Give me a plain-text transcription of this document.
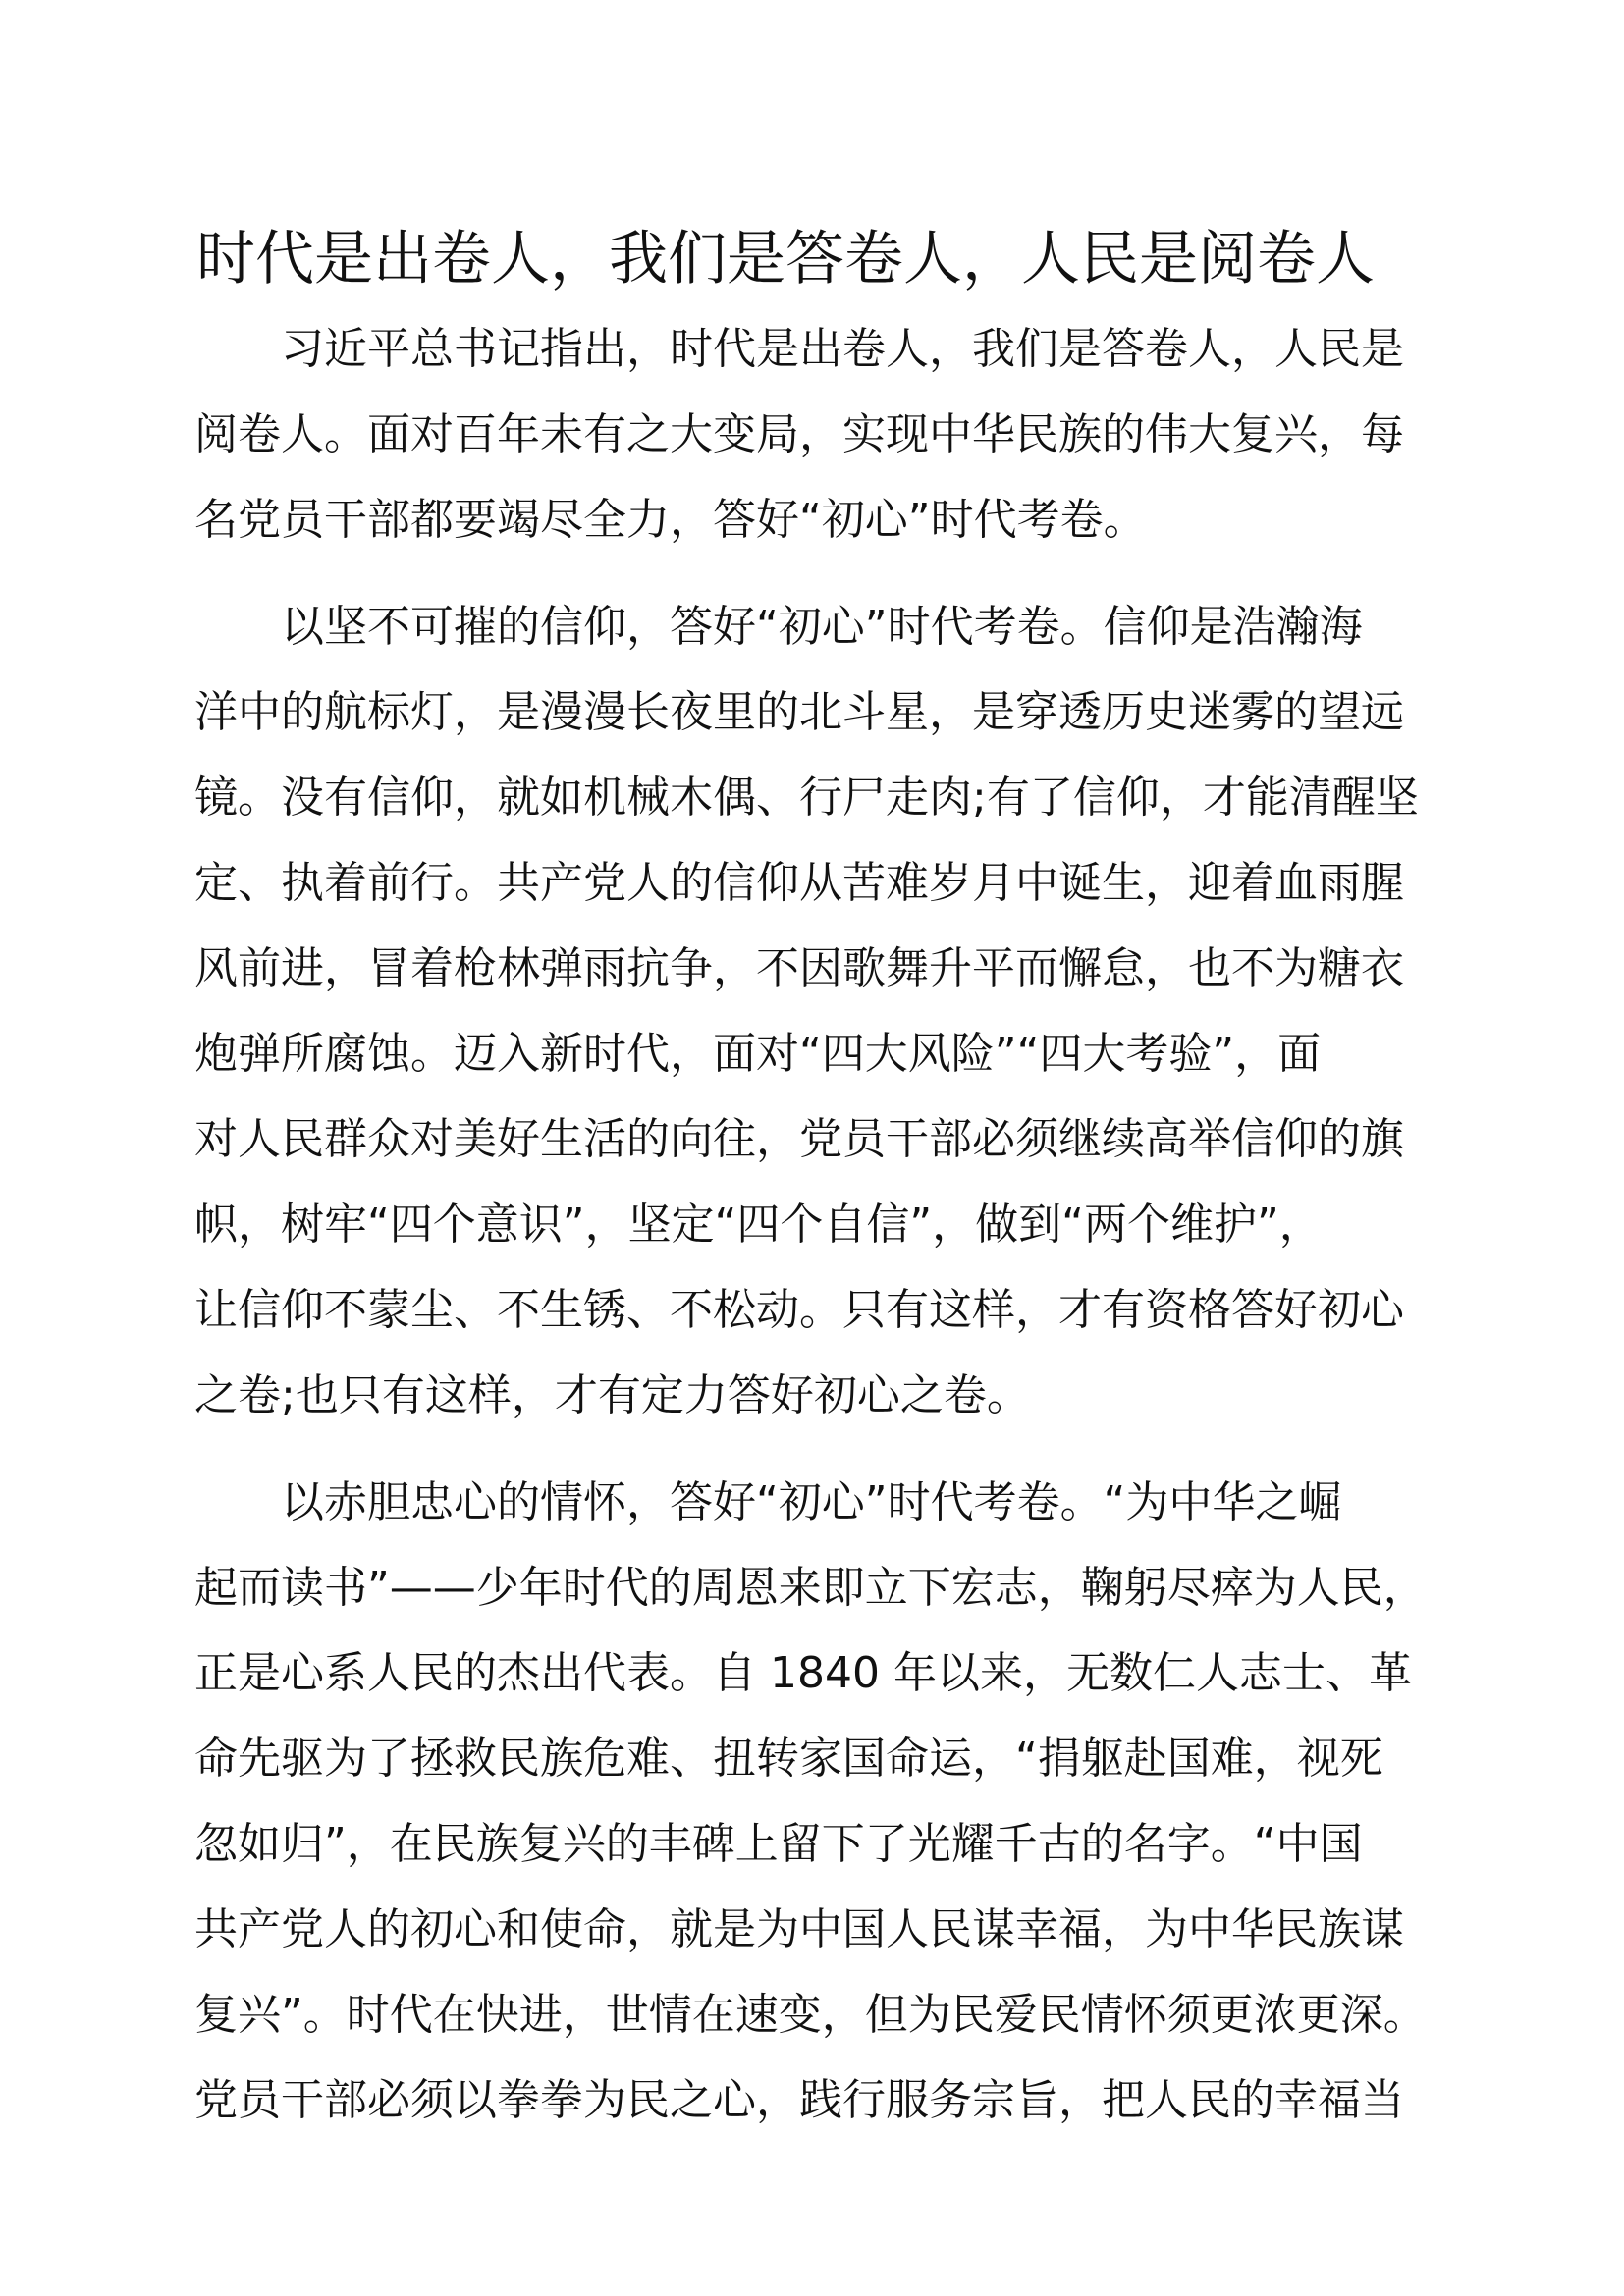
时代是出卷人，我们是答卷人，人民是阅卷人

习近平总书记指出，时代是出卷人，我们是答卷人，人民是
阅卷人。面对百年未有之大变局，实现中华民族的伟大复兴，每
名党员干部都要竭尽全力，答好“初心”时代考卷。

以坚不可摧的信仰，答好“初心”时代考卷。信仰是浩瀚海
洋中的航标灯，是漫漫长夜里的北斗星，是穿透历史迷雾的望远
镜。没有信仰，就如机械木偶、行尸走肉;有了信仰，才能清醒坚
定、执着前行。共产党人的信仰从苦难岁月中诞生，迎着血雨腥
风前进，冒着枪林弹雨抗争，不因歌舞升平而懈怠，也不为糖衣
炮弹所腐蚀。迈入新时代，面对“四大风险”“四大考验”，面
对人民群众对美好生活的向往，党员干部必须继续高举信仰的旗
帜，树牢“四个意识”，坚定“四个自信”，做到“两个维护”，
让信仰不蒙尘、不生锈、不松动。只有这样，才有资格答好初心
之卷;也只有这样，才有定力答好初心之卷。

以赤胆忠心的情怀，答好“初心”时代考卷。“为中华之崛
起而读书”——少年时代的周恩来即立下宏志，鞠躬尽瘁为人民，
正是心系人民的杰出代表。自 1840 年以来，无数仁人志士、革
命先驱为了拯救民族危难、扭转家国命运，“捐躯赴国难，视死
忽如归”，在民族复兴的丰碑上留下了光耀千古的名字。“中国
共产党人的初心和使命，就是为中国人民谋幸福，为中华民族谋
复兴”。时代在快进，世情在速变，但为民爱民情怀须更浓更深。
党员干部必须以拳拳为民之心，践行服务宗旨，把人民的幸福当
